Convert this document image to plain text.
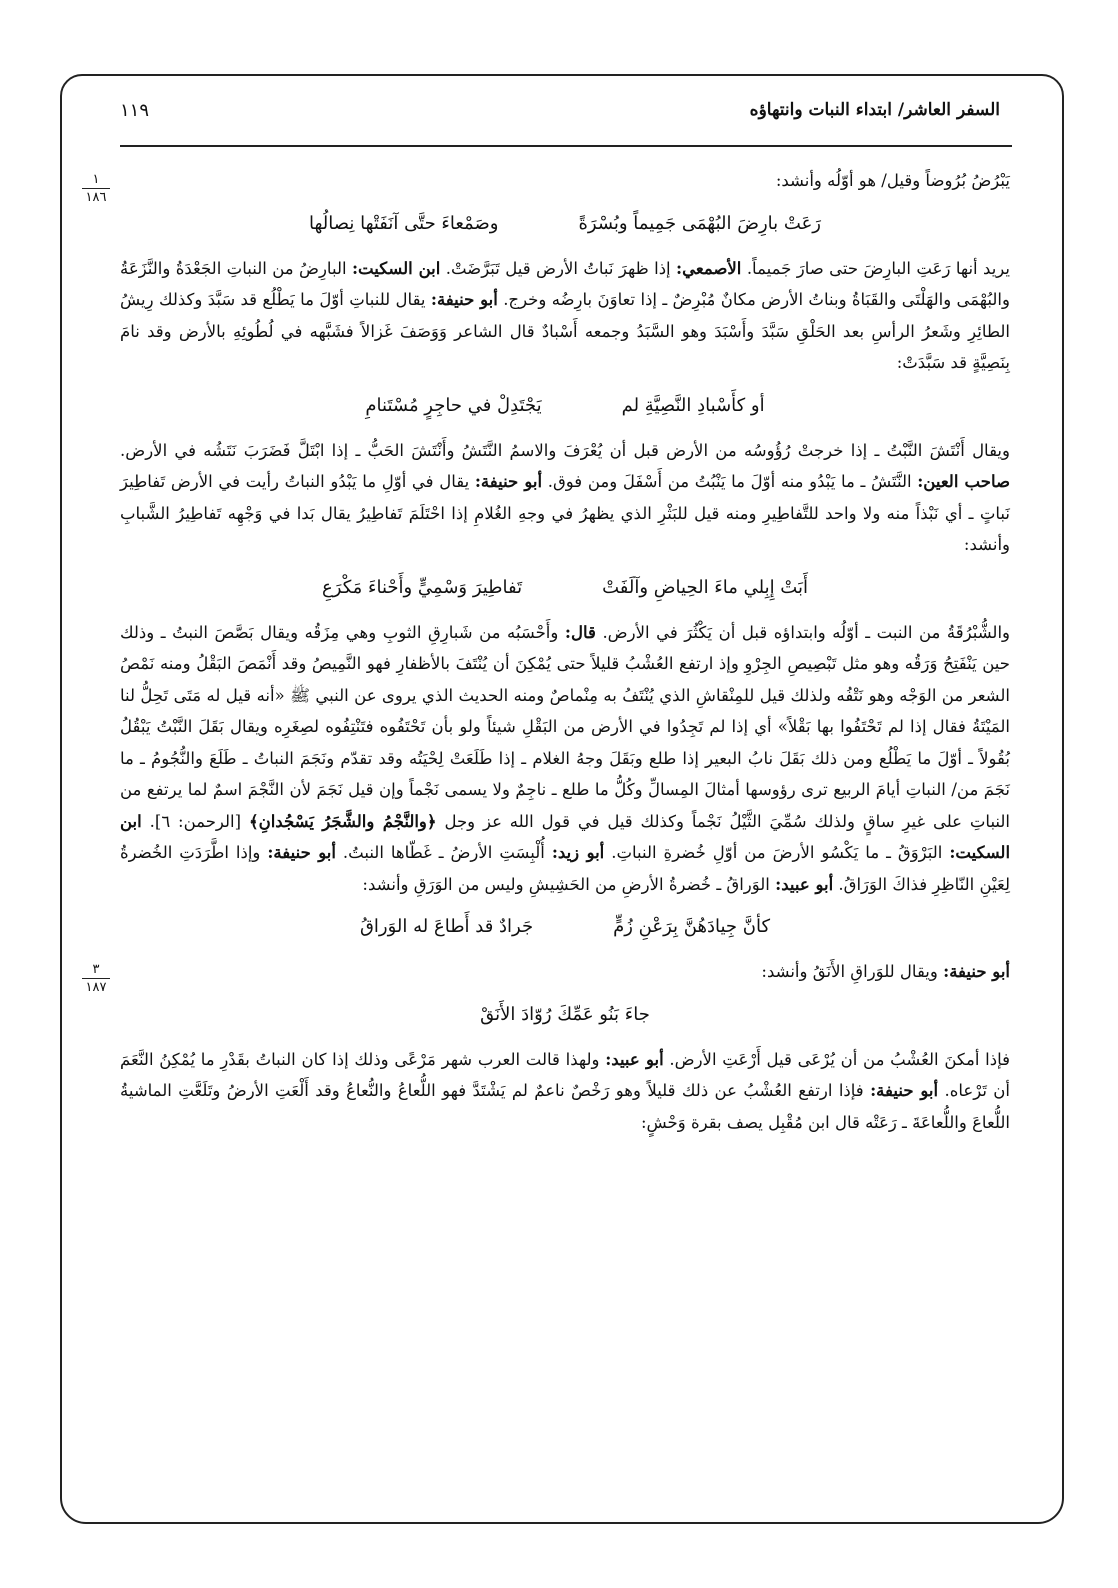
السفر العاشر/ ابتداء النبات وانتهاؤه
١١٩
١
١٨٦
٣
١٨٧

يَبْرُضُ بُرُوضاً وقيل/ هو أوّلُه وأنشد:

رَعَتْ بارِضَ البُهْمَى جَمِيماً وبُسْرَةً
وصَمْعاءَ حتَّى آنَفَتْها نِصالُها

يريد أنها رَعَتِ البارِضَ حتى صارَ جَميماً. الأصمعي: إذا ظهرَ نَباتُ الأرض قيل تَبَرَّضَتْ. ابن السكيت: البارِضُ من النباتِ الجَعْدَةُ والنَّزَعَةُ والبُهْمَى والهَلْتَى والقَبَاةُ وبناتُ الأرض مكانٌ مُبْرِضٌ ـ إذا تعاوَنَ بارِضُه وخرج. أبو حنيفة: يقال للنباتِ أوّلَ ما يَطْلُع قد سَبَّدَ وكذلك رِيشُ الطائِرِ وشَعرُ الرأسِ بعد الحَلْقِ سَبَّدَ وأَسْبَدَ وهو السَّبَدُ وجمعه أَسْبادٌ قال الشاعر وَوَصَفَ غَزالاً فشَبَّهه في لُطُوئِهِ بالأرض وقد نامَ بِنَصِيَّةٍ قد سَبَّدَتْ:

أو كأَسْبادِ النَّصِيَّةِ لم
يَجْتَدِلْ في حاجِرٍ مُسْتَنامِ

ويقال أَنْتَشَ النَّبْتُ ـ إذا خرجتْ رُؤُوسُه من الأرض قبل أن يُعْرَفَ والاسمُ النَّتَشُ وأَنْتَشَ الحَبُّ ـ إذا ابْتَلَّ فَضَرَبَ نَتَشُه في الأرض. صاحب العين: النَّتَشُ ـ ما يَبْدُو منه أوّلَ ما يَنْبُتُ من أَسْفَلَ ومن فوق. أبو حنيفة: يقال في أوّلِ ما يَبْدُو النباتُ رأيت في الأرض تَفاطِيرَ نَباتٍ ـ أي نَبْذاً منه ولا واحد للتَّفاطِيرِ ومنه قيل للبَثْرِ الذي يظهرُ في وجهِ الغُلامِ إذا احْتَلَمَ تَفاطِيرُ يقال بَدا في وَجْهِه تَفاطِيرُ الشَّبابِ وأنشد:

أَبَتْ إِبِلي ماءَ الحِياضِ وآلَفَتْ
تَفاطِيرَ وَسْمِيٍّ وأَحْناءَ مَكْرَعِ

والشُّبْرُقَةُ من النبت ـ أوّلُه وابتداؤه قبل أن يَكْثُرَ في الأرض. قال: وأَحْسَبُه من شَبارِقِ الثوبِ وهي مِزَقُه ويقال بَصَّصَ النبتُ ـ وذلك حين يَنْفَتِحُ وَرَقُه وهو مثل تَبْصِيصِ الجِرْوِ وإذ ارتفع العُشْبُ قليلاً حتى يُمْكِنَ أن يُنْتَفَ بالأظفارِ فهو النَّمِيصُ وقد أَنْمَصَ البَقْلُ ومنه نَمْصُ الشعر من الوَجْه وهو نَتْفُه ولذلك قيل للمِنْقاشِ الذي يُنْتَفُ به مِنْماصٌ ومنه الحديث الذي يروى عن النبي ﷺ «أنه قيل له مَتَى تَحِلُّ لنا المَيْتَةُ فقال إذا لم تَحْتَفُوا بها بَقْلاً» أي إذا لم تَجِدُوا في الأرض من البَقْلِ شيئاً ولو بأن تَحْتَفُوه فتَنْتِفُوه لصِغَرِه ويقال بَقَلَ النَّبْتُ يَبْقُلُ بُقُولاً ـ أوّلَ ما يَطْلُع ومن ذلك بَقَلَ نابُ البعير إذا طلع وبَقَلَ وجهُ الغلام ـ إذا طَلَعَتْ لِحْيَتُه وقد تقدّم ونَجَمَ النباتُ ـ طَلَعَ والنُّجُومُ ـ ما نَجَمَ من/ النباتِ أيامَ الربيع ترى رؤوسها أمثالَ المِسالِّ وكُلُّ ما طلع ـ ناجِمٌ ولا يسمى نَجْماً وإن قيل نَجَمَ لأن النَّجْمَ اسمٌ لما يرتفع من النباتِ على غيرِ ساقٍ ولذلك سُمِّيَ الثَّيْلُ نَجْماً وكذلك قيل في قول الله عز وجل ﴿والنَّجْمُ والشَّجَرُ يَسْجُدانِ﴾ [الرحمن: ٦]. ابن السكيت: البَرْوَقُ ـ ما يَكْسُو الأرضَ من أوّلِ خُضرةِ النباتِ. أبو زيد: أُلْبِسَتِ الأرضُ ـ غَطّاها النبتُ. أبو حنيفة: وإذا اطَّرَدَتِ الخُضرةُ لِعَيْنِ النّاظِرِ فذاكَ الوَرَاقُ. أبو عبيد: الوَراقُ ـ خُضرةُ الأرضِ من الحَشِيشِ وليس من الوَرَقِ وأنشد:

كأنَّ جِيادَهُنَّ بِرَعْنِ زُمٍّ
جَرادٌ قد أَطاعَ له الوَراقُ

أبو حنيفة: ويقال للوَراقِ الأَنَقُ وأنشد:

جاءَ بَنُو عَمِّكَ رُوّادَ الأَنَقْ

فإذا أمكنَ العُشْبُ من أن يُرْعَى قيل أَرْعَتِ الأرض. أبو عبيد: ولهذا قالت العرب شهر مَرْعًى وذلك إذا كان النباتُ بقَدْرِ ما يُمْكِنُ النَّعَمَ أن تَرْعاه. أبو حنيفة: فإذا ارتفع العُشْبُ عن ذلك قليلاً وهو رَخْصٌ ناعمٌ لم يَشْتَدَّ فهو اللُّعاعُ والنُّعاعُ وقد أَلْعَتِ الأرضُ وتَلَعَّتِ الماشيةُ اللُّعاعَ واللُّعاعَةَ ـ رَعَتْه قال ابن مُقْبِل يصف بقرة وَحْشٍ:
